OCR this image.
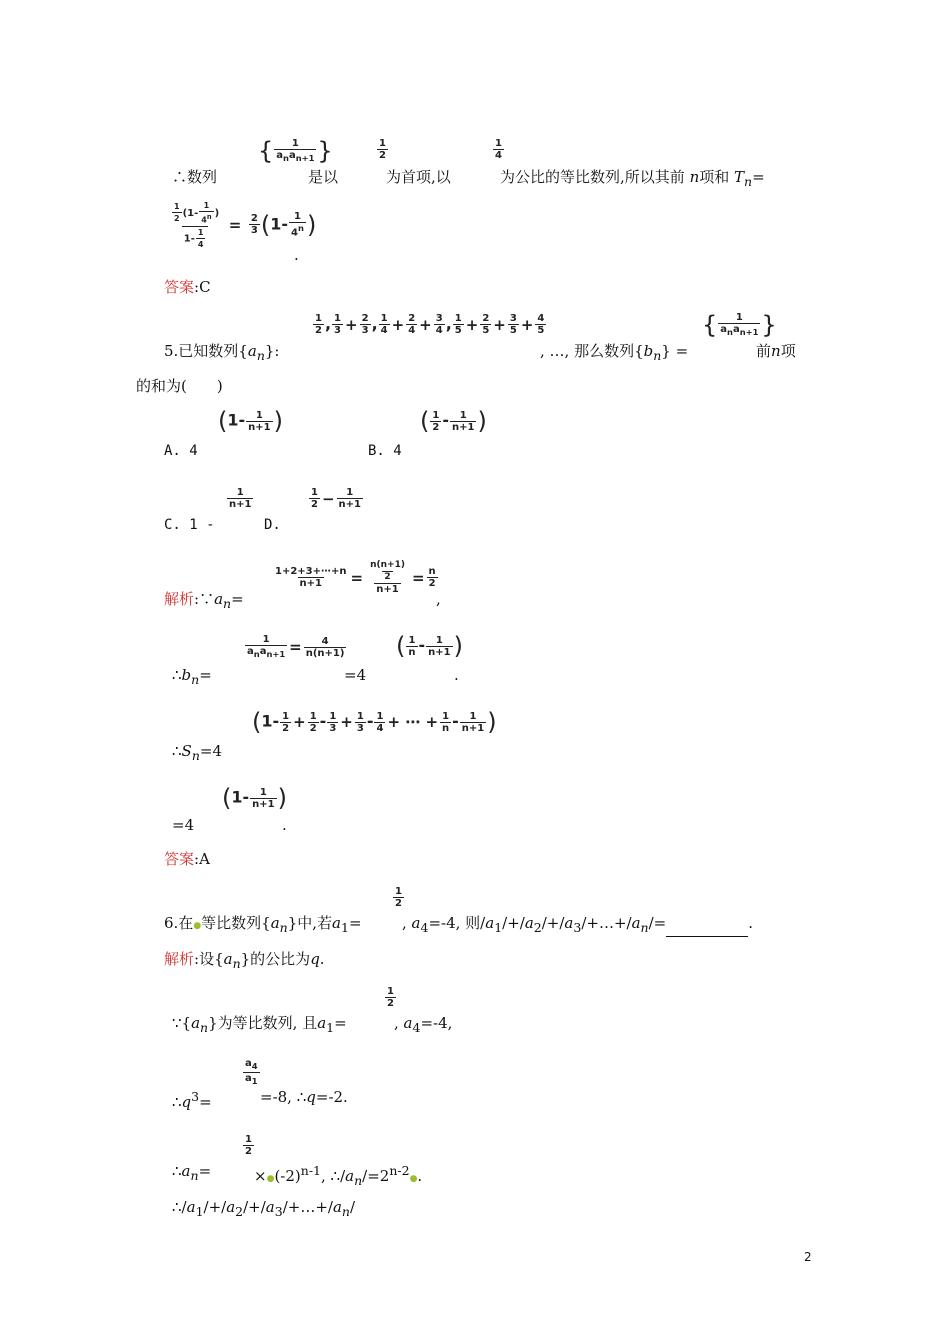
{ 1
$a_na_{n+1}$ }	$\frac{1}{2}$	$\frac{1}{4}$
∴数列	是以	为首项,以	为公比的等比数列,所以其前 n项和 $T_n=$
$\frac{\frac{1}{2} (1- \frac{1}{4^n} )}{1- \frac{1}{4}} = \frac{2}{3} (1- \frac{1}{4^n}$ )
.
答案:C
$\frac{1}{2}$ , $\frac{1}{3} + \frac{2}{3}$ , $\frac{1}{4} + \frac{2}{4} + \frac{3}{4}$ , $\frac{1}{5} + \frac{2}{5} + \frac{3}{5} + \frac{4}{5}$	{ 1
$a_na_{n+1}$ }
5.已知数列$\{a_n\}$:	, …, 那么数列$\{b_n\}$ =	前n项
的和为(　　)
($1- \frac{1}{n+1}$ )	( $\frac{1}{2} - \frac{1}{n+1}$ )
A. 4	B. 4
$\frac{1}{n+1}$	$\frac{1}{2} - \frac{1}{n+1}$
C. 1 -	D.
$\frac{1+2+3+\cdots+n}{n+1} = \frac{\frac{n(n+1)}{2}}{n+1} = \frac{n}{2}$
解析$:\because a_n=$	,
1
$a_na_{n+1} = \frac{4}{n(n+1)}$ ( $\frac{1}{n} - \frac{1}{n+1}$ )
$\therefore b_n=$	=4	.
($1- \frac{1}{2} + \frac{1}{2} - \frac{1}{3} + \frac{1}{3} - \frac{1}{4}$ + ⋯ + $\frac{1}{n} - \frac{1}{n+1}$ )
$\therefore S_n=4$
($1- \frac{1}{n+1}$ )
=4	.
答案:A
$\frac{1}{2}$
6.在●等比数列$\{a_n\}$中,若$a_1=$	, $a_4=-4$, 则$/a_1/+/a_2/+/a_3/+\dots+/a_n/=$	.
解析:设$\{a_n\}$的公比为q.
$\frac{1}{2}$
$\because\{a_n\}$为等比数列, 且$a_1=$	, $a_4=-4$,
$\frac{a_4}{a_1}$
$\therefore q^3=$	=-8, ∴q=-2.
$\frac{1}{2}$
$\therefore a_n=$	$\times●(-2)^{n-1}$, $\therefore/a_n/=2^{n-2}●$.
$\therefore/a_1/+/a_2/+/a_3/+\dots+/a_n/$
2
